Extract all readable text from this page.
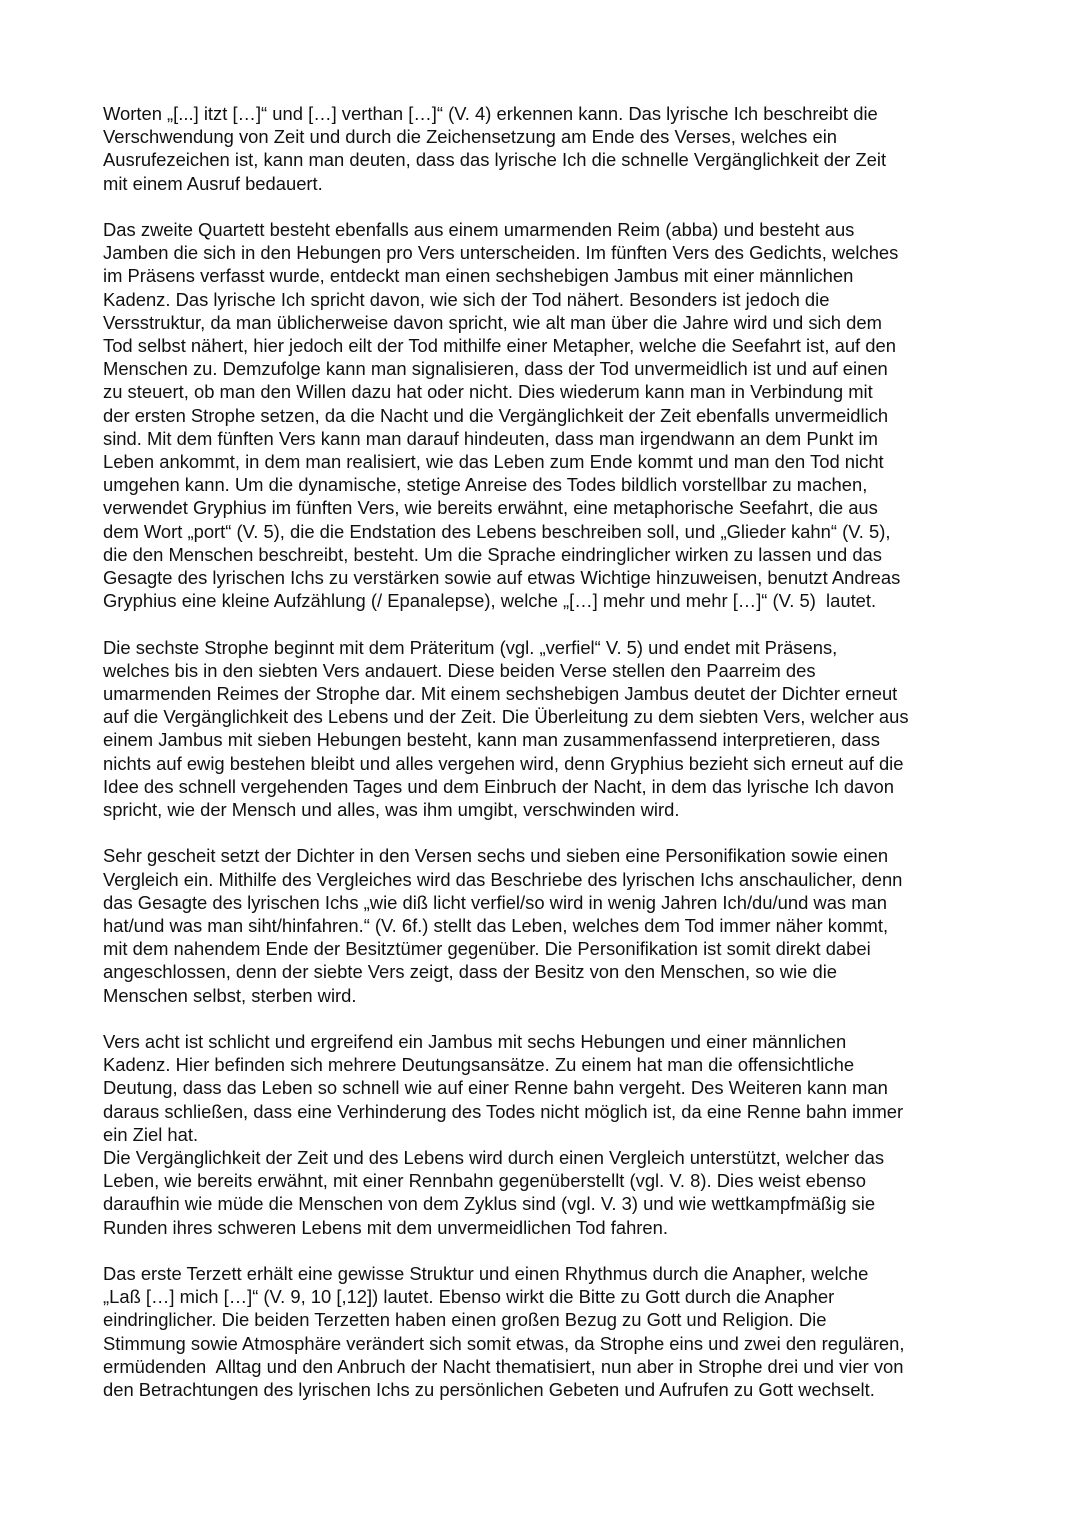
Worten „[...] itzt […]“ und […] verthan […]“ (V. 4) erkennen kann. Das lyrische Ich beschreibt die
Verschwendung von Zeit und durch die Zeichensetzung am Ende des Verses, welches ein
Ausrufezeichen ist, kann man deuten, dass das lyrische Ich die schnelle Vergänglichkeit der Zeit
mit einem Ausruf bedauert.

Das zweite Quartett besteht ebenfalls aus einem umarmenden Reim (abba) und besteht aus
Jamben die sich in den Hebungen pro Vers unterscheiden. Im fünften Vers des Gedichts, welches
im Präsens verfasst wurde, entdeckt man einen sechshebigen Jambus mit einer männlichen
Kadenz. Das lyrische Ich spricht davon, wie sich der Tod nähert. Besonders ist jedoch die
Versstruktur, da man üblicherweise davon spricht, wie alt man über die Jahre wird und sich dem
Tod selbst nähert, hier jedoch eilt der Tod mithilfe einer Metapher, welche die Seefahrt ist, auf den
Menschen zu. Demzufolge kann man signalisieren, dass der Tod unvermeidlich ist und auf einen
zu steuert, ob man den Willen dazu hat oder nicht. Dies wiederum kann man in Verbindung mit
der ersten Strophe setzen, da die Nacht und die Vergänglichkeit der Zeit ebenfalls unvermeidlich
sind. Mit dem fünften Vers kann man darauf hindeuten, dass man irgendwann an dem Punkt im
Leben ankommt, in dem man realisiert, wie das Leben zum Ende kommt und man den Tod nicht
umgehen kann. Um die dynamische, stetige Anreise des Todes bildlich vorstellbar zu machen,
verwendet Gryphius im fünften Vers, wie bereits erwähnt, eine metaphorische Seefahrt, die aus
dem Wort „port“ (V. 5), die die Endstation des Lebens beschreiben soll, und „Glieder kahn“ (V. 5),
die den Menschen beschreibt, besteht. Um die Sprache eindringlicher wirken zu lassen und das
Gesagte des lyrischen Ichs zu verstärken sowie auf etwas Wichtige hinzuweisen, benutzt Andreas
Gryphius eine kleine Aufzählung (/ Epanalepse), welche „[…] mehr und mehr […]“ (V. 5)  lautet.

Die sechste Strophe beginnt mit dem Präteritum (vgl. „verfiel“ V. 5) und endet mit Präsens,
welches bis in den siebten Vers andauert. Diese beiden Verse stellen den Paarreim des
umarmenden Reimes der Strophe dar. Mit einem sechshebigen Jambus deutet der Dichter erneut
auf die Vergänglichkeit des Lebens und der Zeit. Die Überleitung zu dem siebten Vers, welcher aus
einem Jambus mit sieben Hebungen besteht, kann man zusammenfassend interpretieren, dass
nichts auf ewig bestehen bleibt und alles vergehen wird, denn Gryphius bezieht sich erneut auf die
Idee des schnell vergehenden Tages und dem Einbruch der Nacht, in dem das lyrische Ich davon
spricht, wie der Mensch und alles, was ihm umgibt, verschwinden wird.

Sehr gescheit setzt der Dichter in den Versen sechs und sieben eine Personifikation sowie einen
Vergleich ein. Mithilfe des Vergleiches wird das Beschriebe des lyrischen Ichs anschaulicher, denn
das Gesagte des lyrischen Ichs „wie diß licht verfiel/so wird in wenig Jahren Ich/du/und was man
hat/und was man siht/hinfahren.“ (V. 6f.) stellt das Leben, welches dem Tod immer näher kommt,
mit dem nahendem Ende der Besitztümer gegenüber. Die Personifikation ist somit direkt dabei
angeschlossen, denn der siebte Vers zeigt, dass der Besitz von den Menschen, so wie die
Menschen selbst, sterben wird.

Vers acht ist schlicht und ergreifend ein Jambus mit sechs Hebungen und einer männlichen
Kadenz. Hier befinden sich mehrere Deutungsansätze. Zu einem hat man die offensichtliche
Deutung, dass das Leben so schnell wie auf einer Renne bahn vergeht. Des Weiteren kann man
daraus schließen, dass eine Verhinderung des Todes nicht möglich ist, da eine Renne bahn immer
ein Ziel hat.

Die Vergänglichkeit der Zeit und des Lebens wird durch einen Vergleich unterstützt, welcher das
Leben, wie bereits erwähnt, mit einer Rennbahn gegenüberstellt (vgl. V. 8). Dies weist ebenso
daraufhin wie müde die Menschen von dem Zyklus sind (vgl. V. 3) und wie wettkampfmäßig sie
Runden ihres schweren Lebens mit dem unvermeidlichen Tod fahren.

Das erste Terzett erhält eine gewisse Struktur und einen Rhythmus durch die Anapher, welche
„Laß […] mich […]“ (V. 9, 10 [,12]) lautet. Ebenso wirkt die Bitte zu Gott durch die Anapher
eindringlicher. Die beiden Terzetten haben einen großen Bezug zu Gott und Religion. Die
Stimmung sowie Atmosphäre verändert sich somit etwas, da Strophe eins und zwei den regulären,
ermüdenden  Alltag und den Anbruch der Nacht thematisiert, nun aber in Strophe drei und vier von
den Betrachtungen des lyrischen Ichs zu persönlichen Gebeten und Aufrufen zu Gott wechselt.
